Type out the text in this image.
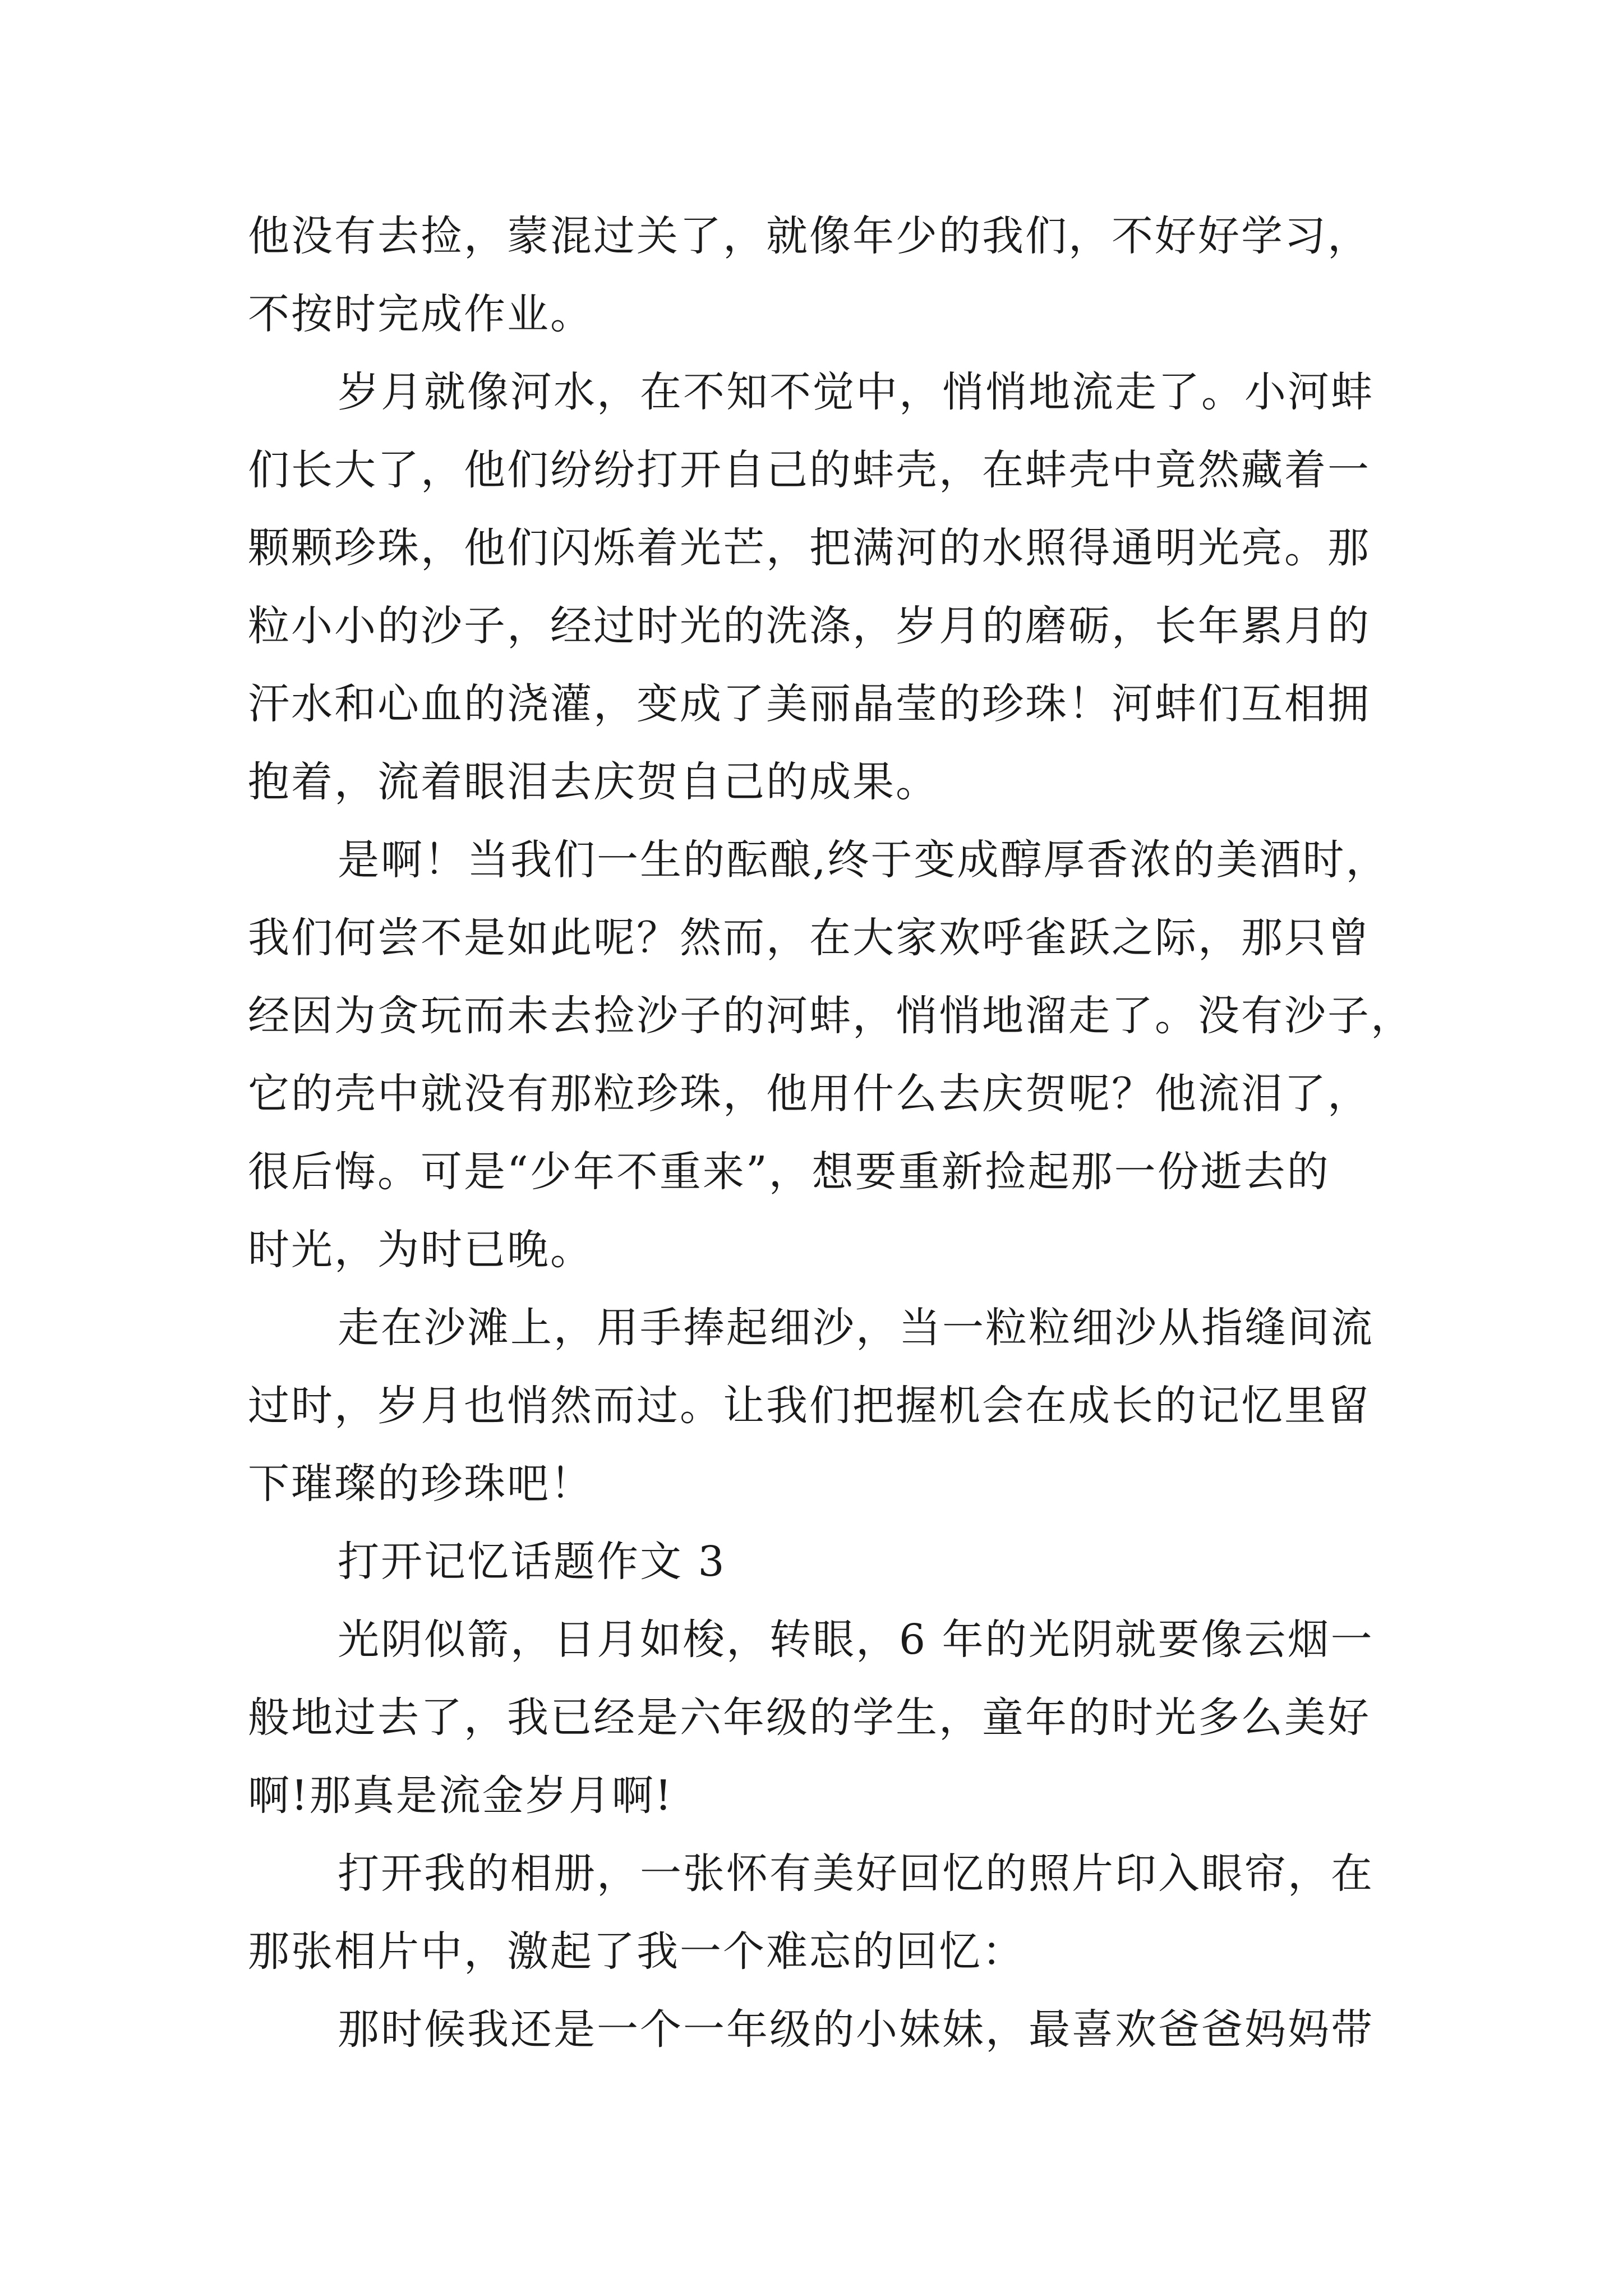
他没有去捡，蒙混过关了，就像年少的我们，不好好学习，
不按时完成作业。

岁月就像河水，在不知不觉中，悄悄地流走了。小河蚌
们长大了，他们纷纷打开自己的蚌壳，在蚌壳中竟然藏着一
颗颗珍珠，他们闪烁着光芒，把满河的水照得通明光亮。那
粒小小的沙子，经过时光的洗涤，岁月的磨砺，长年累月的
汗水和心血的浇灌，变成了美丽晶莹的珍珠！河蚌们互相拥
抱着，流着眼泪去庆贺自己的成果。

是啊！当我们一生的酝酿,终于变成醇厚香浓的美酒时，
我们何尝不是如此呢？然而，在大家欢呼雀跃之际，那只曾
经因为贪玩而未去捡沙子的河蚌，悄悄地溜走了。没有沙子，
它的壳中就没有那粒珍珠，他用什么去庆贺呢？他流泪了，
很后悔。可是“少年不重来”，想要重新捡起那一份逝去的
时光，为时已晚。

走在沙滩上，用手捧起细沙，当一粒粒细沙从指缝间流
过时，岁月也悄然而过。让我们把握机会在成长的记忆里留
下璀璨的珍珠吧！

打开记忆话题作文 3

光阴似箭，日月如梭，转眼，6 年的光阴就要像云烟一
般地过去了，我已经是六年级的学生，童年的时光多么美好
啊!那真是流金岁月啊!

打开我的相册，一张怀有美好回忆的照片印入眼帘，在
那张相片中，激起了我一个难忘的回忆：

那时候我还是一个一年级的小妹妹，最喜欢爸爸妈妈带
